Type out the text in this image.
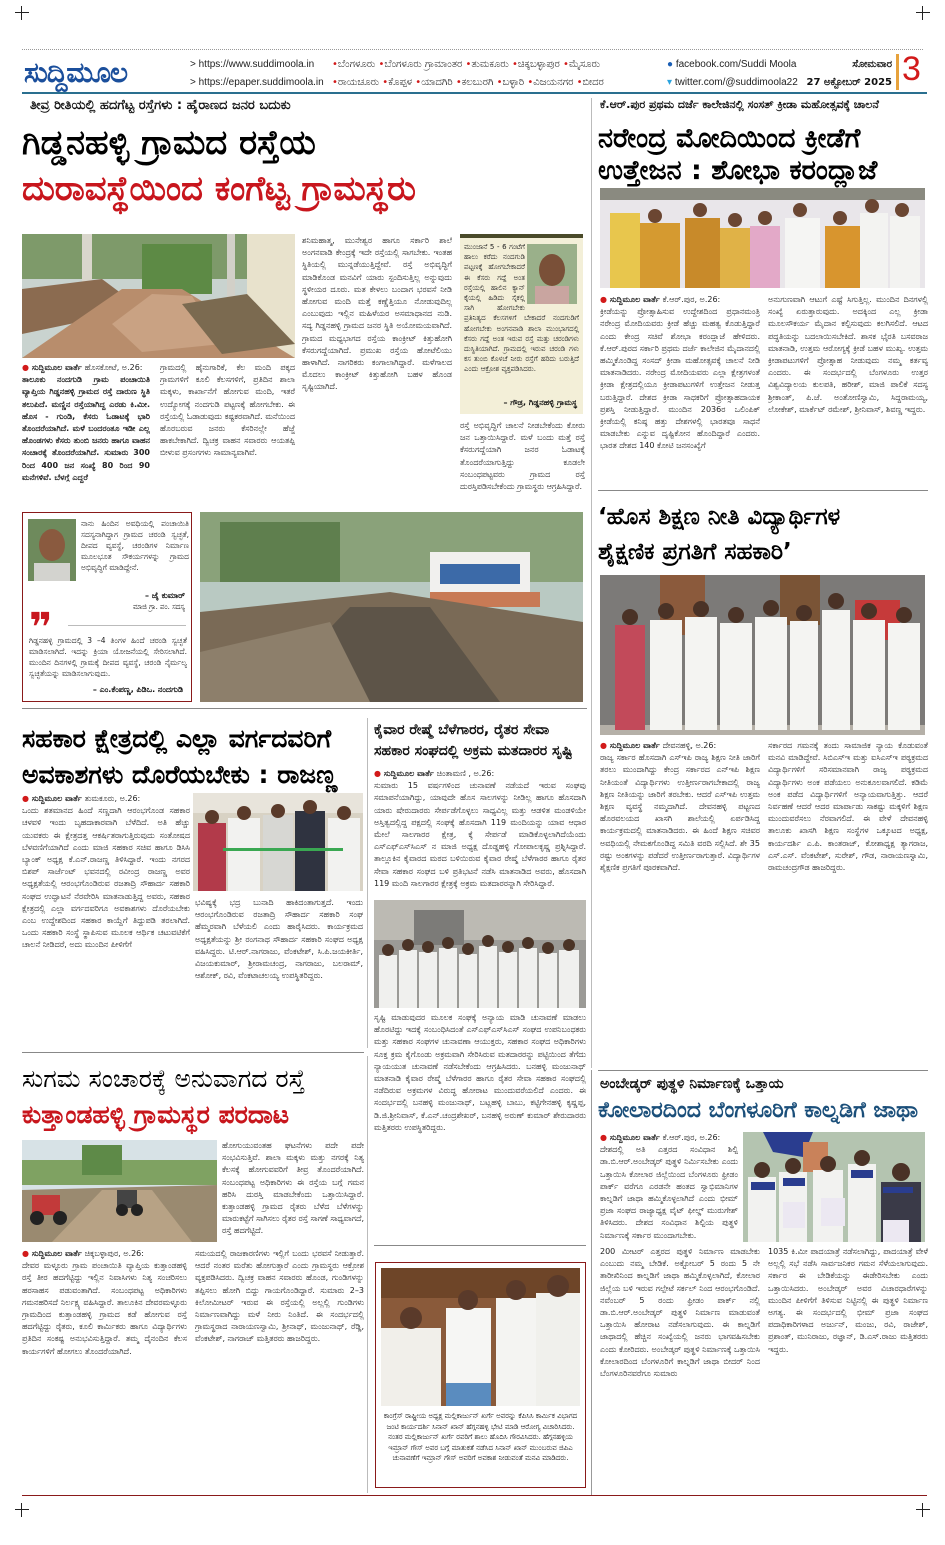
ಸುದ್ದಿಮೂಲ	> https://www.suddimoola.in
> https://epaper.suddimoola.in
•ಬೆಂಗಳೂರು •ಬೆಂಗಳೂರು ಗ್ರಾಮಾಂತರ •ತುಮಕೂರು •ಚಿಕ್ಕಬಳ್ಳಾಪುರ •ಮೈಸೂರು
•ರಾಯಚೂರು •ಕೊಪ್ಪಳ •ಯಾದಗಿರಿ •ಕಲಬುರಗಿ •ಬಳ್ಳಾರಿ •ವಿಜಯನಗರ •ಬೀದರ
● facebook.com/Suddi Moola
▾ twitter.com/@suddimoola22
ಸೋಮವಾರ
27 ಅಕ್ಟೋಬರ್ 2025 3
ತೀವ್ರ ರೀತಿಯಲ್ಲಿ ಹದಗೆಟ್ಟ ರಸ್ತೆಗಳು : ಹೈರಾಣದ ಜನರ ಬದುಕು
ಗಿಡ್ಡನಹಳ್ಳಿ ಗ್ರಾಮದ ರಸ್ತೆಯ
ದುರಾವಸ್ಥೆಯಿಂದ ಕಂಗೆಟ್ಟ ಗ್ರಾಮಸ್ಥರು
● ಸುದ್ದಿಮೂಲ ವಾರ್ತೆ ಹೊಸಕೋಟೆ, ಅ.26:
ತಾಲೂಕು ನಂದಗುಡಿ ಗ್ರಾಮ ಪಂಚಾಯಿತಿ ವ್ಯಾಪ್ತಿಯ ಗಿಡ್ಡನಹಳ್ಳಿ ಗ್ರಾಮದ ರಸ್ತೆ ದಾರುಣ ಸ್ಥಿತಿ ತಲುಪಿದೆ. ಮಣ್ಣಿನ ರಸ್ತೆಯಾಗಿದ್ದ ಎರಡು ಕಿ.ಮೀ. ಹೊಸ - ಗುಂಡಿ, ಕೆಸರು ಓಡಾಟಕ್ಕೆ ಭಾರಿ ತೊಂದರೆಯಾಗಿದೆ. ಮಳೆ ಬಂದರಂತೂ ಇಡೀ ಎಲ್ಲ ಹೊಂಡಗಳು ಕೆಸರು ತುಂಬಿ ಜನರು ಹಾಗೂ ವಾಹನ ಸಂಚಾರಕ್ಕೆ ತೊಂದರೆಯಾಗಿದೆ. ಸುಮಾರು 300 ರಿಂದ 400 ಜನ ಸಂಖ್ಯೆ 80 ರಿಂದ 90 ಮನೆಗಳಿವೆ. ಬೆಳಗ್ಗೆ ಎದ್ದರೆ
ಗ್ರಾಮದಲ್ಲಿ ಹೈನುಗಾರಿಕೆ, ಕೆಲ ಮಂದಿ ಪಕ್ಕದ ಗ್ರಾಮಗಳಿಗೆ ಕೂಲಿ ಕೆಲಸಗಳಿಗೆ, ಪ್ರತಿದಿನ ಶಾಲಾ ಮಕ್ಕಳು, ಕಾರ್ಖಾನೆಗೆ ಹೋಗುವ ಮಂದಿ, ಇತರೆ ಉದ್ಯೋಗಕ್ಕೆ ನಂದಗುಡಿ ಪಟ್ಟಣಕ್ಕೆ ಹೋಗಬೇಕು. ಈ ರಸ್ತೆಯಲ್ಲಿ ಓಡಾಡುವುದು ಕಷ್ಟಕರವಾಗಿದೆ. ಮನೆಯಿಂದ ಹೊರಬರುವ ಜನರು ಕೆಸರಿನಲ್ಲೇ ಹೆಜ್ಜೆ ಹಾಕಬೇಕಾಗಿದೆ. ದ್ವಿಚಕ್ರ ವಾಹನ ಸವಾರರು ಆಯತಪ್ಪಿ ಬೀಳುವ ಪ್ರಸಂಗಗಳು ಸಾಮಾನ್ಯವಾಗಿವೆ.
ಶನಿಮಹಾತ್ಮ, ಮುನೇಶ್ವರ ಹಾಗೂ ಸರ್ಕಾರಿ ಶಾಲೆ ಅಂಗನವಾಡಿ ಕೇಂದ್ರಕ್ಕೆ ಇದೇ ರಸ್ತೆಯಲ್ಲಿ ಸಾಗಬೇಕು. ಇಂತಹ ಸ್ಥಿತಿಯಲ್ಲಿ ಮುನ್ನಡೆಯುತ್ತಿದ್ದೇವೆ. ರಸ್ತೆ ಅಭಿವೃದ್ಧಿಗೆ ಮಾಡಿಕೊಂಡ ಮನವಿಗೆ ಯಾರು ಸ್ಪಂದಿಸುತ್ತಿಲ್ಲ ಅನ್ನುವುದು ಸ್ಥಳೀಯರ ದೂರು. ಮತ ಕೇಳಲು ಬಂದಾಗ ಭರವಸೆ ನೀಡಿ ಹೋಗುವ ಮಂದಿ ಮತ್ತೆ ಕಣ್ಣೆತ್ತಿಯೂ ನೋಡುವುದಿಲ್ಲ ಎಂಬುವುದು ಇಲ್ಲಿನ ಮಹಿಳೆಯರ ಅಸಮಾಧಾನದ ನುಡಿ. ಸದ್ಯ ಗಿಡ್ಡನಹಳ್ಳಿ ಗ್ರಾಮದ ಜನರ ಸ್ಥಿತಿ ಅಯೋಮಯವಾಗಿದೆ. ಗ್ರಾಮದ ಮಧ್ಯಭಾಗದ ರಸ್ತೆಯ ಕಾಂಕ್ರೀಟ್ ಕಿತ್ತುಹೋಗಿ ಕೆಸರುಗದ್ದೆಯಾಗಿದೆ. ಪ್ರಮುಖ ರಸ್ತೆಯ ಹೋಟೆಲಿಯು ಹಾಳಾಗಿದೆ. ನಾಗರಿಕರು ಕಂಗಾಲಾಗಿದ್ದಾರೆ. ಮಳೆಗಾಲದ ಮೊದಲು ಕಾಂಕ್ರೀಟ್ ಕಿತ್ತುಹೋಗಿ ಬಹಳ ಹೊಂಡ ಸೃಷ್ಟಿಯಾಗಿದೆ.
ಮುಂಜಾನೆ 5 - 6 ಗಂಟೆಗೆ ಹಾಲು ಕರೆದು ನಂದಗುಡಿ ಪಟ್ಟಣಕ್ಕೆ ಹೋಗಬೇಕಾದರೆ ಈ ಕೆಸರು ಗದ್ದೆ ಅಂತ ರಸ್ತೆಯಲ್ಲಿ ಹಾಲಿನ ಕ್ಯಾನ್ ಕೈಯಲ್ಲಿ ಹಿಡಿದು ಸೈಕಲ್ಲಿ ಸಾಗಿ ಹೋಗಬೇಕು ಪ್ರತಿನಿತ್ಯದ ಕೆಲಸಗಳಿಗೆ ಬೇಕಾದರೆ ನಂದಗುಡಿಗೆ ಹೋಗಬೇಕು ಅಂಗನವಾಡಿ ಶಾಲಾ ಮುಂಭಾಗದಲ್ಲಿ ಕೆಸರು ಗದ್ದೆ ಅಂತ ಇರುವ ರಸ್ತೆ ಮತ್ತು ಚರಂಡಿಗಳು ದುಸ್ಥಿತಿಯಾಗಿದೆ. ಗ್ರಾಮದಲ್ಲಿ ಇರುವ ಚರಂಡಿ ಗಳು ಕಸ ತುಂಬಿ ಕೊಳಚೆ ನೀರು ರಸ್ತೆಗೆ ಹರಿದು ಬರುತ್ತಿದೆ ಎಂದು ಆಕ್ರೋಶ ವ್ಯಕ್ತಪಡಿಸಿದರು.
– ಗೌಡ್ರ, ಗಿಡ್ಡನಹಳ್ಳಿ ಗ್ರಾಮಸ್ಥ
ರಸ್ತೆ ಅಭಿವೃದ್ಧಿಗೆ ಚಾಲನೆ ನೀಡಬೇಕೆಂದು ಕೋರು ಜನ ಒತ್ತಾಯಿಸಿದ್ದಾರೆ. ಮಳೆ ಬಂದು ಮತ್ತೆ ರಸ್ತೆ ಕೆಸರುಗದ್ದೆಯಾಗಿ ಜನರ ಓಡಾಟಕ್ಕೆ ತೊಂದರೆಯಾಗುತ್ತಿದ್ದು ಕೂಡಲೇ ಸಂಬಂಧಪಟ್ಟವರು ಗ್ರಾಮದ ರಸ್ತೆ ದುರಸ್ತಿಪಡಿಸಬೇಕೆಂದು ಗ್ರಾಮಸ್ಥರು ಆಗ್ರಹಿಸಿದ್ದಾರೆ.
ನಾನು ಹಿಂದಿನ ಅವಧಿಯಲ್ಲಿ ಪಂಚಾಯಿತಿ ಸದಸ್ಯನಾಗಿದ್ದಾಗ ಗ್ರಾಮದ ಚರಂಡಿ ಸ್ವಚ್ಛತೆ, ದೀಪದ ವ್ಯವಸ್ಥೆ, ಚರಂಡಿಗಳ ನಿರ್ಮಾಣ ಮೂಲಭೂತ ಸೌಕರ್ಯಗಳನ್ನು ಗ್ರಾಮದ ಅಭಿವೃದ್ಧಿಗೆ ಮಾಡಿದ್ದೇನೆ.
– ಜೈ ಕುಮಾರ್
ಮಾಜಿ ಗ್ರಾ. ಪಂ. ಸದಸ್ಯ
❞
ಗಿಡ್ಡನಹಳ್ಳಿ ಗ್ರಾಮದಲ್ಲಿ 3 –4 ತಿಂಗಳ ಹಿಂದೆ ಚರಂಡಿ ಸ್ವಚ್ಛತೆ ಮಾಡಿಸಲಾಗಿದೆ. ಇದನ್ನು ಕ್ರಿಯಾ ಯೋಜನೆಯಲ್ಲಿ ಸೇರಿಸಲಾಗಿದೆ. ಮುಂದಿನ ದಿನಗಳಲ್ಲಿ ಗ್ರಾಮಕ್ಕೆ ದೀಪದ ವ್ಯವಸ್ಥೆ, ಚರಂಡಿ ನೈರ್ಮಲ್ಯ ಸ್ವಚ್ಛತೆಯನ್ನು ಮಾಡಿಸಲಾಗುವುದು.
– ಎಂ.ಕೆಂಪಣ್ಣ, ಪಿಡಿಒ. ನಂದಗುಡಿ
ಕೆ.ಆರ್.ಪುರ ಪ್ರಥಮ ದರ್ಜೆ ಕಾಲೇಜಿನಲ್ಲಿ ಸಂಸತ್ ಕ್ರೀಡಾ ಮಹೋತ್ಸವಕ್ಕೆ ಚಾಲನೆ
ನರೇಂದ್ರ ಮೋದಿಯಿಂದ ಕ್ರೀಡೆಗೆ
ಉತ್ತೇಜನ : ಶೋಭಾ ಕರಂದ್ಲಾಜೆ
● ಸುದ್ದಿಮೂಲ ವಾರ್ತೆ ಕೆ.ಆರ್.ಪುರ, ಅ.26:
ಕ್ರೀಡೆಯನ್ನು ಪ್ರೋತ್ಸಾಹಿಸುವ ಉದ್ದೇಶದಿಂದ ಪ್ರಧಾನಮಂತ್ರಿ ನರೇಂದ್ರ ಮೋದಿಯವರು ಕ್ರೀಡೆ ಹೆಚ್ಚು ಮಹತ್ವ ಕೊಡುತ್ತಿದ್ದಾರೆ ಎಂದು ಕೇಂದ್ರ ಸಚಿವೆ ಶೋಭಾ ಕರಂದ್ಲಾಜೆ ಹೇಳಿದರು. ಕೆ.ಆರ್.ಪುರದ ಸರ್ಕಾರಿ ಪ್ರಥಮ ದರ್ಜೆ ಕಾಲೇಜಿನ ಮೈದಾನದಲ್ಲಿ ಹಮ್ಮಿಕೊಂಡಿದ್ದ ಸಂಸದ್ ಕ್ರೀಡಾ ಮಹೋತ್ಸವಕ್ಕೆ ಚಾಲನೆ ನೀಡಿ ಮಾತನಾಡಿದರು. ನರೇಂದ್ರ ಮೋದಿಯವರು ಎಲ್ಲಾ ಕ್ಷೇತ್ರಗಳಂತೆ ಕ್ರೀಡಾ ಕ್ಷೇತ್ರದಲ್ಲಿಯೂ ಕ್ರೀಡಾಪಟುಗಳಿಗೆ ಉತ್ತೇಜನ ನೀಡುತ್ತ ಬರುತ್ತಿದ್ದಾರೆ. ದೇಶದ ಕ್ರೀಡಾ ಸಾಧಕರಿಗೆ ಪ್ರೋತ್ಸಾಹದಾಯಕ ಪ್ರಶಸ್ತಿ ನೀಡುತ್ತಿದ್ದಾರೆ. ಮುಂದಿನ 2036ರ ಒಲಿಂಪಿಕ್ ಕ್ರೀಡೆಯಲ್ಲಿ ಕನಿಷ್ಠ ಹತ್ತು ದೇಶಗಳಲ್ಲಿ ಭಾರತವೂ ಸಾಧನೆ ಮಾಡಬೇಕು ಎನ್ನುವ ದೃಷ್ಟಿಕೋನ ಹೊಂದಿದ್ದಾರೆ ಎಂದರು. ಭಾರತ ದೇಶದ 140 ಕೋಟಿ ಜನಸಂಖ್ಯೆಗೆ
ಅನುಗುಣವಾಗಿ ಆಟುಗೆ ಎಷ್ಟೆ ಸಿಗುತ್ತಿಲ್ಲ. ಮುಂದಿನ ದಿನಗಳಲ್ಲಿ ಸಂಖ್ಯೆ ಏರುತ್ತಾರುವುದು. ಅದಕ್ಕಿಂದ ಎಲ್ಲ ಕ್ರೀಡಾ ಮೂಲಸೌಕರ್ಯ ಮೈದಾನ ಕಲ್ಪಿಸುವುದು ಕಲಗಿಸಲಿದೆ. ಆಟದ ಪದ್ಧತಿಯನ್ನು ಬದಲಾಯಿಸಬೇಕಿದೆ. ಶಾಸಕ ಭೈರತಿ ಬಸವರಾಜ ಮಾತನಾಡಿ, ಉತ್ತಮ ಆರೋಗ್ಯಕ್ಕೆ ಕ್ರೀಡೆ ಬಹಳ ಮುಖ್ಯ. ಉತ್ತಮ ಕ್ರೀಡಾಪಟುಗಳಿಗೆ ಪ್ರೋತ್ಸಾಹ ನೀಡುವುದು ನಮ್ಮ ಕರ್ತವ್ಯ ಎಂದರು. ಈ ಸಂದರ್ಭದಲ್ಲಿ ಬೆಂಗಳೂರು ಉತ್ತರ ವಿಶ್ವವಿದ್ಯಾಲಯ ಕುಲಪತಿ, ಹರೀಶ್, ಮಾಜಿ ಪಾಲಿಕೆ ಸದಸ್ಯ ಶ್ರೀಕಾಂತ್, ಪಿ.ಜೆ. ಅಂತೋಣಿಸ್ವಾಮಿ, ಸಿದ್ದರಾಮಯ್ಯ, ಲೋಕೇಶ್, ಮಾರ್ಕೆಟ್ ರಮೇಶ್, ಶ್ರೀನಿವಾಸ್, ಶಿವಣ್ಣ ಇದ್ದರು.
‘ಹೊಸ ಶಿಕ್ಷಣ ನೀತಿ ವಿದ್ಯಾರ್ಥಿಗಳ
ಶೈಕ್ಷಣಿಕ ಪ್ರಗತಿಗೆ ಸಹಕಾರಿ’
● ಸುದ್ದಿಮೂಲ ವಾರ್ತೆ ದೇವನಹಳ್ಳಿ, ಅ.26:
ರಾಜ್ಯ ಸರ್ಕಾರ ಹೊಸದಾಗಿ ಎಸ್‌ಇಪಿ ರಾಜ್ಯ ಶಿಕ್ಷಣ ನೀತಿ ಜಾರಿಗೆ ತರಲು ಮುಂದಾಗಿದ್ದು ಕೇಂದ್ರ ಸರ್ಕಾರದ ಎನ್‌ಇಪಿ ಶಿಕ್ಷಣ ನೀತಿಯಂತೆ ವಿದ್ಯಾರ್ಥಿಗಳು ಉತ್ತೀರ್ಣರಾಗಬೇಕಾದಲ್ಲಿ ರಾಜ್ಯ ಶಿಕ್ಷಣ ನೀತಿಯನ್ನು ಜಾರಿಗೆ ತರಬೇಕು. ಆದರೆ ಎಸ್‌ಇಪಿ ಉತ್ತಮ ಶಿಕ್ಷಣ ವ್ಯವಸ್ಥೆ ನಮ್ಮದಾಗಿದೆ. ದೇವನಹಳ್ಳಿ ಪಟ್ಟಣದ ಹೊರವಲಯದ ಖಾಸಗಿ ಶಾಲೆಯಲ್ಲಿ ಏರ್ಪಡಿಸಿದ್ದ ಕಾರ್ಯಕ್ರಮದಲ್ಲಿ ಮಾತನಾಡಿದರು. ಈ ಹಿಂದೆ ಶಿಕ್ಷಣ ಸಚಿವರ ಅವಧಿಯಲ್ಲಿ ನೇಮಕಗೊಂಡಿದ್ದ ಸಮಿತಿ ವರದಿ ಸಲ್ಲಿಸಿದೆ. ಶೇ 35 ರಷ್ಟು ಅಂಕಗಳನ್ನು ಪಡೆದರೆ ಉತ್ತೀರ್ಣರಾಗುತ್ತಾರೆ. ವಿದ್ಯಾರ್ಥಿಗಳ ಶೈಕ್ಷಣಿಕ ಪ್ರಗತಿಗೆ ಪೂರಕವಾಗಿದೆ.
ಸರ್ಕಾರದ ಗಮನಕ್ಕೆ ತಂದು ಸಾಮಾಜಿಕ ನ್ಯಾಯ ಕೊಡುವಂತೆ ಮನವಿ ಮಾಡಿದ್ದೇವೆ. ಸಿಬಿಎಸ್‌ಇ ಮತ್ತು ಐಸಿಎಸ್‌ಇ ಪಠ್ಯಕ್ರಮದ ವಿದ್ಯಾರ್ಥಿಗಳಿಗೆ ಸರಿಸಮಾನವಾಗಿ ರಾಜ್ಯ ಪಠ್ಯಕ್ರಮದ ವಿದ್ಯಾರ್ಥಿಗಳು ಅಂಕ ಪಡೆಯಲು ಅನುಕೂಲವಾಗಲಿದೆ. ಕಡಿಮೆ ಅಂಕ ಪಡೆದ ವಿದ್ಯಾರ್ಥಿಗಳಿಗೆ ಅನ್ಯಾಯವಾಗುತ್ತಿತ್ತು. ಆದರೆ ನಿರ್ವಹಣೆ ಆದರೆ ಆದರ ಮಾರ್ಪಾಡು ಸಾಕಷ್ಟು ಮಕ್ಕಳಿಗೆ ಶಿಕ್ಷಣ ಮುಂದುವರೆಸಲು ನೆರವಾಗಲಿದೆ. ಈ ವೇಳೆ ದೇವನಹಳ್ಳಿ ತಾಲೂಕು ಖಾಸಗಿ ಶಿಕ್ಷಣ ಸಂಸ್ಥೆಗಳ ಒಕ್ಕೂಟದ ಅಧ್ಯಕ್ಷ, ಕಾರ್ಯದರ್ಶಿ ಎ.ಪಿ. ಕಾಂತರಾಜ್, ಕೋಶಾಧ್ಯಕ್ಷ ತ್ಯಾಗರಾಜ, ಎಸ್.ಎಸ್. ವೆಂಕಟೇಶ್, ಸುರೇಶ್, ಗೌಡ, ನಾರಾಯಣಸ್ವಾಮಿ, ರಾಮಚಂದ್ರಗೌಡ ಹಾಜರಿದ್ದರು.
ಸಹಕಾರ ಕ್ಷೇತ್ರದಲ್ಲಿ ಎಲ್ಲಾ ವರ್ಗದವರಿಗೆ
ಅವಕಾಶಗಳು ದೊರೆಯಬೇಕು : ರಾಜಣ್ಣ
● ಸುದ್ದಿಮೂಲ ವಾರ್ತೆ ತುಮಕೂರು, ಅ.26:
ಒಂದು ಶತಮಾನದ ಹಿಂದೆ ಸಣ್ಣದಾಗಿ ಆರಂಭಗೊಂಡ ಸಹಕಾರ ಚಳವಳಿ ಇಂದು ಬೃಹದಾಕಾರವಾಗಿ ಬೆಳೆದಿದೆ. ಅತಿ ಹೆಚ್ಚು ಯುವಕರು ಈ ಕ್ಷೇತ್ರದತ್ತ ಆಕರ್ಷಿತರಾಗುತ್ತಿರುವುದು ಸಂತೋಷದ ಬೆಳವಣಿಗೆಯಾಗಿದೆ ಎಂದು ಮಾಜಿ ಸಹಕಾರ ಸಚಿವ ಹಾಗೂ ಡಿಸಿಸಿ ಬ್ಯಾಂಕ್ ಅಧ್ಯಕ್ಷ ಕೆ.ಎನ್.ರಾಜಣ್ಣ ತಿಳಿಸಿದ್ದಾರೆ. ಇಂದು ನಗರದ ಬಿಶಪ್ ಸಾರ್ಜೆಂಟ್ ಭವನದಲ್ಲಿ ರವೀಂದ್ರ ರಾಜಣ್ಣ ಅವರ ಅಧ್ಯಕ್ಷತೆಯಲ್ಲಿ ಆರಂಭಗೊಂಡಿರುವ ರಜತಾದ್ರಿ ಸೌಹಾರ್ದ ಸಹಕಾರಿ ಸಂಘದ ಉದ್ಘಾಟನೆ ನೆರವೇರಿಸಿ ಮಾತನಾಡುತ್ತಿದ್ದ ಅವರು, ಸಹಕಾರ ಕ್ಷೇತ್ರದಲ್ಲಿ ಎಲ್ಲಾ ವರ್ಗದವರಿಗೂ ಅವಕಾಶಗಳು ದೊರೆಯಬೇಕು ಎಂಬ ಉದ್ದೇಶದಿಂದ ಸಹಕಾರ ಕಾಯ್ದೆಗೆ ತಿದ್ದುಪಡಿ ತರಲಾಗಿದೆ. ಒಂದು ಸಹಕಾರಿ ಸಂಸ್ಥೆ ಸ್ಥಾಪಿಸುವ ಮೂಲಕ ಆರ್ಥಿಕ ಚಟುವಟಿಕೆಗೆ ಚಾಲನೆ ನೀಡಿದರೆ, ಅದು ಮುಂದಿನ ಪೀಳಿಗೆಗೆ
ಭವಿಷ್ಯಕ್ಕೆ ಭದ್ರ ಬುನಾದಿ ಹಾಕಿದಂತಾಗುತ್ತದೆ. ಇಂದು ಆರಂಭಗೊಂಡಿರುವ ರಜತಾದ್ರಿ ಸೌಹಾರ್ದ ಸಹಕಾರಿ ಸಂಘ ಹೆಮ್ಮರವಾಗಿ ಬೆಳೆಯಲಿ ಎಂದು ಹಾರೈಸಿದರು. ಕಾರ್ಯಕ್ರಮದ ಅಧ್ಯಕ್ಷತೆಯನ್ನು ಶ್ರೀ ರಂಗನಾಥ ಸೌಹಾರ್ದ ಸಹಕಾರಿ ಸಂಘದ ಅಧ್ಯಕ್ಷ ವಹಿಸಿದ್ದರು. ಟಿ.ಆರ್.ನಾಗರಾಜು, ವೆಂಕಟೇಶ್, ಸಿ.ಪಿ.ಜಯಕೀರ್ತಿ, ವಿಜಯಕುಮಾರ್, ಶ್ರೀರಾಮಚಂದ್ರ, ನಾಗರಾಜು, ಬಲರಾಮ್, ಆಶೋಕ್, ರವಿ, ವೆಂಕಟಾಚಲಯ್ಯ ಉಪಸ್ಥಿತರಿದ್ದರು.
ಕೈವಾರ ರೇಷ್ಮೆ ಬೆಳೆಗಾರರ, ರೈತರ ಸೇವಾ
ಸಹಕಾರ ಸಂಘದಲ್ಲಿ ಅಕ್ರಮ ಮತದಾರರ ಸೃಷ್ಟಿ
● ಸುದ್ದಿಮೂಲ ವಾರ್ತೆ ಚಿಂತಾಮಣಿ , ಅ.26:
ಸುಮಾರು 15 ವರ್ಷಗಳಿಂದ ಚುನಾವಣೆ ನಡೆಯದೆ ಇರುವ ಸಂಘವು ಸಮಾಪನೆಯಾಗಿದ್ದು, ಯಾವುದೇ ಹೊಸ ಸಾಲಗಳನ್ನು ನೀಡಿಲ್ಲ ಹಾಗೂ ಹೊಸದಾಗಿ ಯಾರು ಷೇರುದಾರರು ಸೇರ್ಪಡೆಗೊಳ್ಳಲು ಸಾಧ್ಯವಿಲ್ಲ ಮತ್ತು ಆಡಳಿತ ಮಂಡಳಿಯೇ ಅಸ್ತಿತ್ವದಲ್ಲಿದ್ದ ಪಕ್ಷದಲ್ಲಿ ಸಂಘಕ್ಕೆ ಹೊಸದಾಗಿ 119 ಮಂದಿಯನ್ನು ಯಾವ ಆಧಾರ ಮೇಲೆ ಸಾಲಗಾರರ ಕ್ಷೇತ್ರ, ಕ್ಕೆ ಸೇರ್ಪಡೆ ಮಾಡಿಕೊಳ್ಳಲಾಗಿದೆಯೆಂದು ಎಸ್‌ಎಫ್‌ಎಸ್‌ಸಿಎಸ್ ನ ಮಾಜಿ ಅಧ್ಯಕ್ಷ ದೊಡ್ಡಹಳ್ಳಿ ಗೋಪಾಲಕೃಷ್ಣ ಪ್ರಶ್ನಿಸಿದ್ದಾರೆ. ತಾಲ್ಲೂಕಿನ ಕೈವಾರದ ಮಠದ ಬಳಿಯಿರುವ ಕೈವಾರ ರೇಷ್ಮೆ ಬೆಳೆಗಾರರ ಹಾಗೂ ರೈತರ ಸೇವಾ ಸಹಕಾರ ಸಂಘದ ಬಳಿ ಪ್ರತಿಭಟನೆ ನಡೆಸಿ ಮಾತನಾಡಿದ ಅವರು, ಹೊಸದಾಗಿ 119 ಮಂದಿ ಸಾಲಗಾರರ ಕ್ಷೇತ್ರಕ್ಕೆ ಅಕ್ರಮ ಮತದಾರರನ್ನಾಗಿ ಸೇರಿಸಿದ್ದಾರೆ.
ಸೃಷ್ಟಿ ಮಾಡುವುದರ ಮೂಲಕ ಸಂಘಕ್ಕೆ ಅನ್ಯಾಯ ಮಾಡಿ ಚುನಾವಣೆ ಮಾಡಲು ಹೊರಟಿದ್ದು ಇದಕ್ಕೆ ಸಂಬಂಧಿಸಿದಂತೆ ಎಸ್‌ಎಫ್‌ಎಸ್‌ಸಿಎಸ್ ಸಂಘದ ಉಪನಿಬಂಧಕರು ಮತ್ತು ಸಹಕಾರ ಸಂಘಗಳ ಚುನಾವಣಾ ಆಯುಕ್ತರು, ಸಹಕಾರ ಸಂಘದ ಅಧಿಕಾರಿಗಳು ಸೂಕ್ತ ಕ್ರಮ ಕೈಗೊಂಡು ಅಕ್ರಮವಾಗಿ ಸೇರಿಸಿರುವ ಮತದಾರರನ್ನು ಪಟ್ಟಿಯಿಂದ ತೆಗೆದು ನ್ಯಾಯಯುತ ಚುನಾವಣೆ ನಡೆಸಬೇಕೆಂದು ಆಗ್ರಹಿಸಿದರು. ಬನಹಳ್ಳಿ ಮಂಜುನಾಥ್ ಮಾತನಾಡಿ ಕೈವಾರ ರೇಷ್ಮೆ ಬೆಳೆಗಾರರ ಹಾಗೂ ರೈತರ ಸೇವಾ ಸಹಕಾರ ಸಂಘದಲ್ಲಿ ನಡೆದಿರುವ ಅಕ್ರಮಗಳ ವಿರುದ್ಧ ಹೋರಾಟ ಮುಂದುವರೆಯಲಿದೆ ಎಂದರು. ಈ ಸಂದರ್ಭದಲ್ಲಿ ಬನಹಳ್ಳಿ ಮಂಜುನಾಥ್, ಬಟ್ಲಹಳ್ಳಿ ಬಾಬು, ಕಟ್ಟಿಗೇನಹಳ್ಳಿ ಕೃಷ್ಣಪ್ಪ, ಡಿ.ಜಿ.ಶ್ರೀನಿವಾಸ್, ಕೆ.ಎನ್.ಚಂದ್ರಶೇಖರ್, ಬನಹಳ್ಳಿ ಅರುಣ್ ಕುಮಾರ್ ಶೇರುದಾರರು ಮತ್ತಿತರರು ಉಪಸ್ಥಿತರಿದ್ದರು.
ಕಾಂಗ್ರೆಸ್ ರಾಷ್ಟ್ರೀಯ ಅಧ್ಯಕ್ಷ ಮಲ್ಲಿಕಾರ್ಜುನ್ ಖರ್ಗೆ ಅವರನ್ನು ಕೆಪಿಸಿಸಿ ಕಾರ್ಮಿಕ ವಿಭಾಗದ ಜಂಟಿ ಕಾರ್ಯದರ್ಶಿ ಸಿನಾನ್ ಖಾನ್ ಹೆಗ್ಗನಹಳ್ಳಿ ಭೇಟಿ ಮಾಡಿ ಆರೋಗ್ಯ ವಿಚಾರಿಸಿದರು. ನಂತರ ಮಲ್ಲಿಕಾರ್ಜುನ್ ಖರ್ಗೆ ರವರಿಗೆ ಶಾಲು ಹೊದಿಸಿ ಗೌರವಿಸಿದರು. ಹೆಗ್ಗನಹಳ್ಳಿಯ ಇಮ್ರಾನ್ ಗೌಸ್ ಅವರ ಬಗ್ಗೆ ಮಾತುಕತೆ ನಡೆಸಿದ ಸಿನಾನ್ ಖಾನ್ ಮುಂಬರುವ ಜಿಪಿಎ ಚುನಾವಣೆಗೆ ಇಮ್ರಾನ್ ಗೌಸ್ ಅವರಿಗೆ ಅವಕಾಶ ನೀಡುವಂತೆ ಮನವಿ ಮಾಡಿದರು.
ಸುಗಮ ಸಂಚಾರಕ್ಕೆ ಅನುವಾಗದ ರಸ್ತೆ
ಕುತ್ತಾಂಡಹಳ್ಳಿ ಗ್ರಾಮಸ್ಥರ ಪರದಾಟ
ಹೋಗುಯುವಂತಹ ಘಟನೆಗಳು ಪದೇ ಪದೇ ಸಂಭವಿಸುತ್ತಿವೆ. ಶಾಲಾ ಮಕ್ಕಳು ಮತ್ತು ನಗರಕ್ಕೆ ನಿತ್ಯ ಕೆಲಸಕ್ಕೆ ಹೋಗುವವರಿಗೆ ತೀವ್ರ ತೊಂದರೆಯಾಗಿದೆ. ಸಂಬಂಧಪಟ್ಟ ಅಧಿಕಾರಿಗಳು ಈ ರಸ್ತೆಯ ಬಗ್ಗೆ ಗಮನ ಹರಿಸಿ ದುರಸ್ತಿ ಮಾಡಬೇಕೆಂದು ಒತ್ತಾಯಿಸಿದ್ದಾರೆ. ಕುತ್ತಾಂಡಹಳ್ಳಿ ಗ್ರಾಮದ ರೈತರು ಬೆಳೆದ ಬೆಳೆಗಳನ್ನು ಮಾರುಕಟ್ಟೆಗೆ ಸಾಗಿಸಲು ರೈತರ ರಸ್ತೆ ಸಾಗಣೆ ಸಾಧ್ಯವಾಗದೆ, ರಸ್ತೆ ಹದಗೆಟ್ಟಿದೆ.
● ಸುದ್ದಿಮೂಲ ವಾರ್ತೆ ಚಿಕ್ಕಬಳ್ಳಾಪುರ, ಅ.26:
ದೇವರ ಮಳ್ಳೂರು ಗ್ರಾಮ ಪಂಚಾಯಿತಿ ವ್ಯಾಪ್ತಿಯ ಕುತ್ತಾಂಡಹಳ್ಳಿ ರಸ್ತೆ ತೀರ ಹದಗೆಟ್ಟಿದ್ದು ಇಲ್ಲಿನ ನಿವಾಸಿಗಳು ನಿತ್ಯ ಸಂಚರಿಸಲು ಹರಸಾಹಸ ಪಡುವಂತಾಗಿದೆ. ಸಂಬಂಧಪಟ್ಟ ಅಧಿಕಾರಿಗಳು ಗಮನಹರಿಸದೆ ನಿರ್ಲಕ್ಷ್ಯ ವಹಿಸಿದ್ದಾರೆ. ತಾಲೂಕಿನ ದೇವರಮಳ್ಳೂರು ಗ್ರಾಮದಿಂದ ಕುತ್ತಾಂಡಹಳ್ಳಿ ಗ್ರಾಮದ ಕಡೆ ಹೋಗುವ ರಸ್ತೆ ಹದಗೆಟ್ಟಿದ್ದು ರೈತರು, ಕೂಲಿ ಕಾರ್ಮಿಕರು ಹಾಗೂ ವಿದ್ಯಾರ್ಥಿಗಳು ಪ್ರತಿದಿನ ಸಂಕಷ್ಟ ಅನುಭವಿಸುತ್ತಿದ್ದಾರೆ. ತಮ್ಮ ದೈನಂದಿನ ಕೆಲಸ ಕಾರ್ಯಗಳಿಗೆ ಹೋಗಲು ತೊಂದರೆಯಾಗಿದೆ.
ಸಮಯದಲ್ಲಿ ರಾಜಕಾರಣಿಗಳು ಇಲ್ಲಿಗೆ ಬಂದು ಭರವಸೆ ನೀಡುತ್ತಾರೆ. ಆದರೆ ನಂತರ ಮರೆತು ಹೋಗುತ್ತಾರೆ ಎಂದು ಗ್ರಾಮಸ್ಥರು ಆಕ್ರೋಶ ವ್ಯಕ್ತಪಡಿಸಿದರು. ದ್ವಿಚಕ್ರ ವಾಹನ ಸವಾರರು ಹೊಂಡ, ಗುಂಡಿಗಳನ್ನು ತಪ್ಪಿಸಲು ಹೋಗಿ ಬಿದ್ದು ಗಾಯಗೊಂಡಿದ್ದಾರೆ. ಸುಮಾರು 2–3 ಕಿಲೋಮೀಟರ್ ಇರುವ ಈ ರಸ್ತೆಯಲ್ಲಿ ಅಲ್ಲಲ್ಲಿ ಗುಂಡಿಗಳು ನಿರ್ಮಾಣವಾಗಿದ್ದು ಮಳೆ ನೀರು ನಿಂತಿದೆ. ಈ ಸಂದರ್ಭದಲ್ಲಿ ಗ್ರಾಮಸ್ಥರಾದ ನಾರಾಯಣಸ್ವಾಮಿ, ಶ್ರೀನಾಥ್, ಮಂಜುನಾಥ್, ರೆಡ್ಡಿ, ವೆಂಕಟೇಶ್, ನಾಗರಾಜ್ ಮತ್ತಿತರರು ಹಾಜರಿದ್ದರು.
ಅಂಬೇಡ್ಕರ್ ಪುತ್ಥಳಿ ನಿರ್ಮಾಣಕ್ಕೆ ಒತ್ತಾಯ
ಕೋಲಾರದಿಂದ ಬೆಂಗಳೂರಿಗೆ ಕಾಲ್ನಡಿಗೆ ಜಾಥಾ
● ಸುದ್ದಿಮೂಲ ವಾರ್ತೆ ಕೆ.ಆರ್.ಪುರ, ಅ.26:
ದೇಶದಲ್ಲಿ ಅತಿ ಎತ್ತರದ ಸಂವಿಧಾನ ಶಿಲ್ಪಿ ಡಾ.ಬಿ.ಆರ್.ಅಂಬೇಡ್ಕರ್ ಪುತ್ಥಳಿ ನಿರ್ಮಿಸಬೇಕು ಎಂದು ಒತ್ತಾಯಿಸಿ ಕೋಲಾರ ಜಿಲ್ಲೆಯಿಂದ ಬೆಂಗಳೂರು ಫ್ರೀಡಂ ಪಾರ್ಕ್ ವರೆಗೂ ಎರಡನೇ ಹಂತದ ಸ್ವಾಭಿಮಾನಿಗಳ ಕಾಲ್ನಡಿಗೆ ಜಾಥಾ ಹಮ್ಮಿಕೊಳ್ಳಲಾಗಿದೆ ಎಂದು ಭೀಮ್ ಪ್ರಜಾ ಸಂಘದ ರಾಜ್ಯಾಧ್ಯಕ್ಷ ವೈಟ್ ಫೀಲ್ಡ್ ಮುರುಗೇಶ್ ತಿಳಿಸಿದರು. ದೇಶದ ಸಂವಿಧಾನ ಶಿಲ್ಪಿಯ ಪುತ್ಥಳಿ ನಿರ್ಮಾಣಕ್ಕೆ ಸರ್ಕಾರ ಮುಂದಾಗಬೇಕು.
200 ಮೀಟರ್ ಎತ್ತರದ ಪುತ್ಥಳಿ ನಿರ್ಮಾಣ ಮಾಡಬೇಕು ಎಂಬುದು ನಮ್ಮ ಬೇಡಿಕೆ. ಅಕ್ಟೋಬರ್ 5 ರಂದು 5 ನೇ ತಾರೀಖಿನಿಂದ ಕಾಲ್ನಡಿಗೆ ಜಾಥಾ ಹಮ್ಮಿಕೊಳ್ಳಲಾಗಿದೆ, ಕೋಲಾರ ಜಿಲ್ಲೆಯ ಬಳಿ ಇರುವ ಗಲ್ಪೇಟೆ ಸರ್ಕಲ್ ನಿಂದ ಆರಂಭಗೊಂಡಿದೆ. ನವೆಂಬರ್ 5 ರಂದು ಫ್ರೀಡಂ ಪಾರ್ಕ್ ನಲ್ಲಿ ಡಾ.ಬಿ.ಆರ್.ಅಂಬೇಡ್ಕರ್ ಪುತ್ಥಳಿ ನಿರ್ಮಾಣ ಮಾಡುವಂತೆ ಒತ್ತಾಯಿಸಿ ಹೋರಾಟ ನಡೆಸಲಾಗುವುದು. ಈ ಕಾಲ್ನಡಿಗೆ ಜಾಥಾದಲ್ಲಿ ಹೆಚ್ಚಿನ ಸಂಖ್ಯೆಯಲ್ಲಿ ಜನರು ಭಾಗವಹಿಸಬೇಕು ಎಂದು ಕೋರಿದರು. ಅಂಬೇಡ್ಕರ್ ಪುತ್ಥಳಿ ನಿರ್ಮಾಣಕ್ಕೆ ಒತ್ತಾಯಿಸಿ ಕೋಲಾರದಿಂದ ಬೆಂಗಳೂರಿಗೆ ಕಾಲ್ನಡಿಗೆ ಜಾಥಾ ಬೀದರ್ ನಿಂದ ಬೆಂಗಳೂರಿನವರೆಗೂ ಸುಮಾರು
1035 ಕಿ.ಮೀ ಪಾದಯಾತ್ರೆ ನಡೆಸಲಾಗಿದ್ದು, ಪಾದಯಾತ್ರೆ ವೇಳೆ ಅಲ್ಲಲ್ಲಿ ಸಭೆ ನಡೆಸಿ ಸಾರ್ವಜನಿಕರ ಗಮನ ಸೆಳೆಯಲಾಗುವುದು. ಸರ್ಕಾರ ಈ ಬೇಡಿಕೆಯನ್ನು ಈಡೇರಿಸಬೇಕು ಎಂದು ಒತ್ತಾಯಿಸಿದರು. ಅಂಬೇಡ್ಕರ್ ಅವರ ವಿಚಾರಧಾರೆಗಳನ್ನು ಮುಂದಿನ ಪೀಳಿಗೆಗೆ ತಿಳಿಸುವ ನಿಟ್ಟಿನಲ್ಲಿ ಈ ಪುತ್ಥಳಿ ನಿರ್ಮಾಣ ಅಗತ್ಯ. ಈ ಸಂದರ್ಭದಲ್ಲಿ ಭೀಮ್ ಪ್ರಜಾ ಸಂಘದ ಪದಾಧಿಕಾರಿಗಳಾದ ಅರ್ಜುನ್, ಮಂಜು, ರವಿ, ರಾಜೇಶ್, ಪ್ರಶಾಂತ್, ಮುನಿರಾಜು, ರಜ್ಞಾನ್, ಡಿ.ಎಸ್.ರಾಜು ಮತ್ತಿತರರು ಇದ್ದರು.
